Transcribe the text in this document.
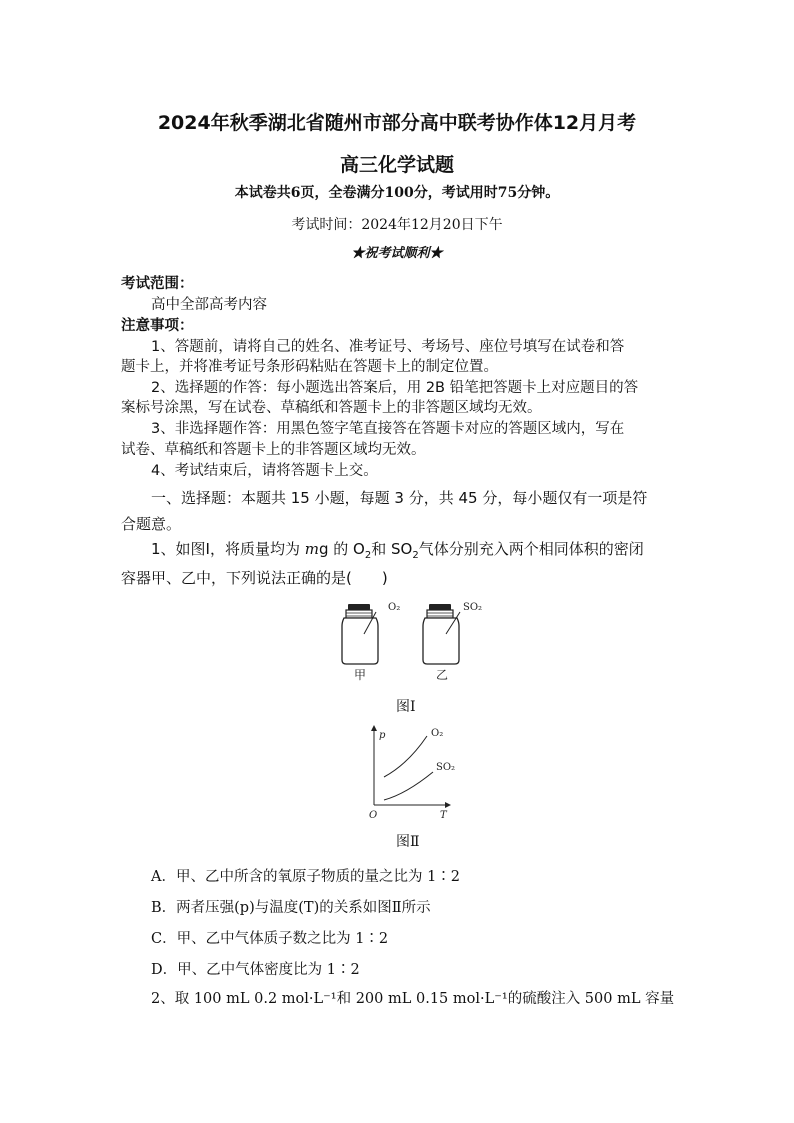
2024年秋季湖北省随州市部分高中联考协作体12月月考
高三化学试题
本试卷共6页，全卷满分100分，考试用时75分钟。
考试时间：2024年12月20日下午
★祝考试顺利★
考试范围：
高中全部高考内容
注意事项：
1、答题前，请将自己的姓名、准考证号、考场号、座位号填写在试卷和答
题卡上，并将准考证号条形码粘贴在答题卡上的制定位置。
2、选择题的作答：每小题选出答案后，用 2B 铅笔把答题卡上对应题目的答
案标号涂黑，写在试卷、草稿纸和答题卡上的非答题区域均无效。
3、非选择题作答：用黑色签字笔直接答在答题卡对应的答题区域内，写在
试卷、草稿纸和答题卡上的非答题区域均无效。
4、考试结束后，请将答题卡上交。
一、选择题：本题共 15 小题，每题 3 分，共 45 分，每小题仅有一项是符
合题意。
1、如图Ⅰ，将质量均为 mg 的 $O_2$和 $SO_2$气体分别充入两个相同体积的密闭
容器甲、乙中，下列说法正确的是(　　)
O₂
甲
SO₂
乙
图Ⅰ
p
T
O
O₂
SO₂
图Ⅱ
A．甲、乙中所含的氧原子物质的量之比为 1∶2
B．两者压强(p)与温度(T)的关系如图Ⅱ所示
C．甲、乙中气体质子数之比为 1∶2
D．甲、乙中气体密度比为 1∶2
2、取 100 mL 0.2 mol·L⁻¹和 200 mL 0.15 mol·L⁻¹的硫酸注入 500 mL 容量
